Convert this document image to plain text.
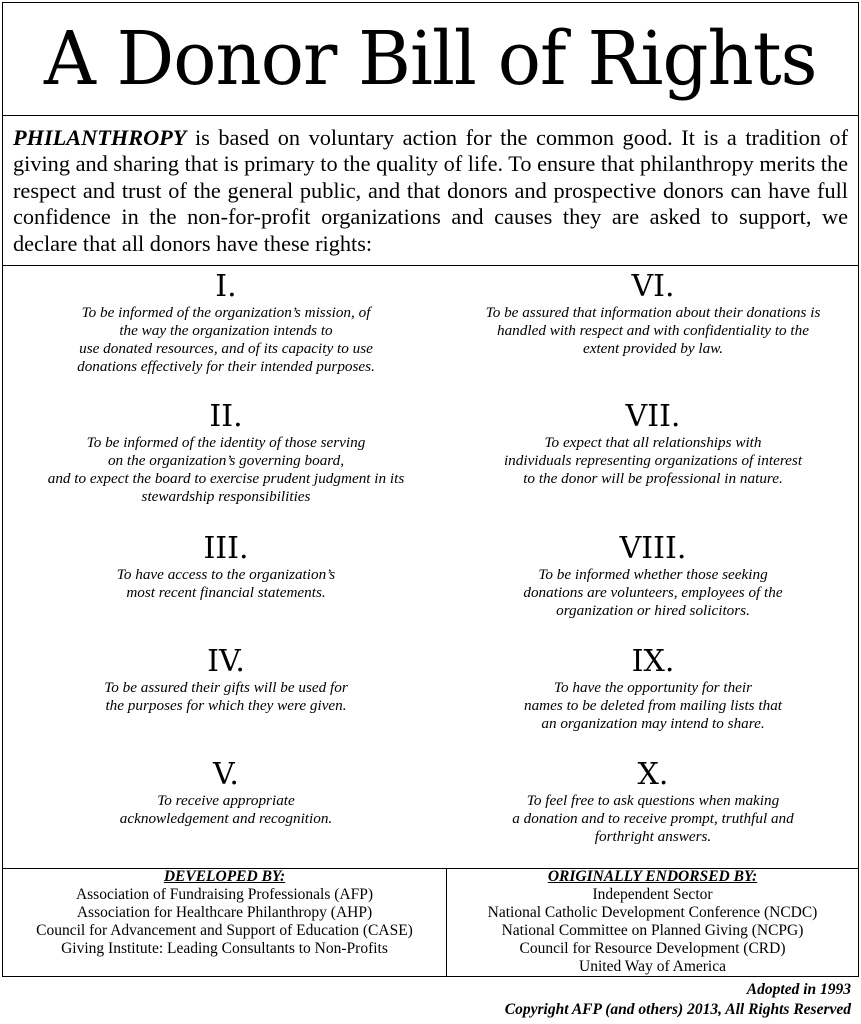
A Donor Bill of Rights
PHILANTHROPY is based on voluntary action for the common good. It is a tradition of giving and sharing that is primary to the quality of life. To ensure that philanthropy merits the respect and trust of the general public, and that donors and prospective donors can have full confidence in the non-for-profit organizations and causes they are asked to support, we declare that all donors have these rights:
I.
To be informed of the organization’s mission, of
the way the organization intends to
use donated resources, and of its capacity to use
donations effectively for their intended purposes.
II.
To be informed of the identity of those serving
on the organization’s governing board,
and to expect the board to exercise prudent judgment in its
stewardship responsibilities
III.
To have access to the organization’s
most recent financial statements.
IV.
To be assured their gifts will be used for
the purposes for which they were given.
V.
To receive appropriate
acknowledgement and recognition.
VI.
To be assured that information about their donations is
handled with respect and with confidentiality to the
extent provided by law.
VII.
To expect that all relationships with
individuals representing organizations of interest
to the donor will be professional in nature.
VIII.
To be informed whether those seeking
donations are volunteers, employees of the
organization or hired solicitors.
IX.
To have the opportunity for their
names to be deleted from mailing lists that
an organization may intend to share.
X.
To feel free to ask questions when making
a donation and to receive prompt, truthful and
forthright answers.
DEVELOPED BY:
Association of Fundraising Professionals (AFP)
Association for Healthcare Philanthropy (AHP)
Council for Advancement and Support of Education (CASE)
Giving Institute: Leading Consultants to Non-Profits
ORIGINALLY ENDORSED BY:
Independent Sector
National Catholic Development Conference (NCDC)
National Committee on Planned Giving (NCPG)
Council for Resource Development (CRD)
United Way of America
Adopted in 1993
Copyright AFP (and others) 2013, All Rights Reserved
